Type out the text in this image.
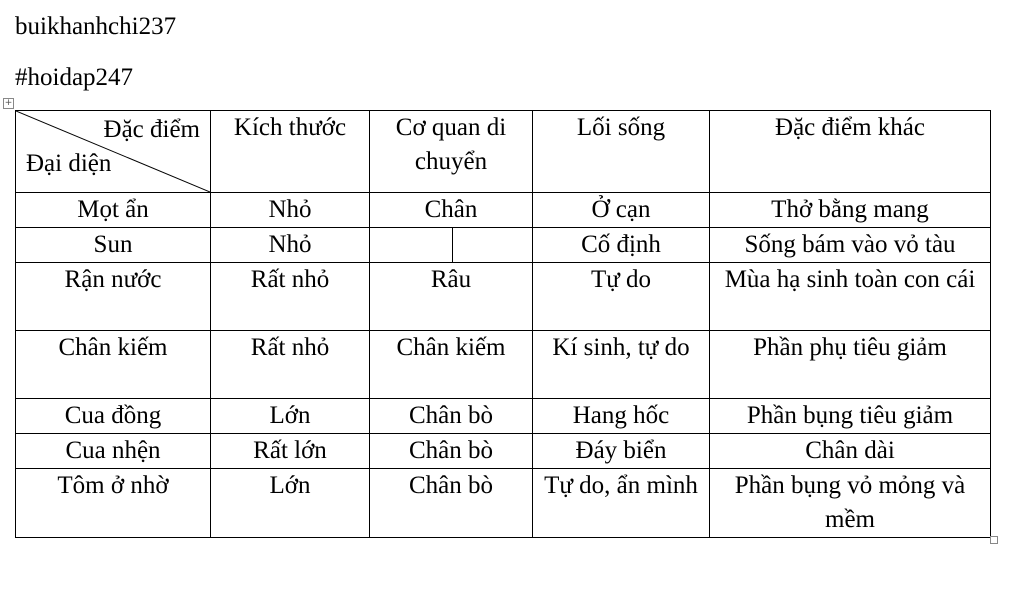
buikhanhchi237
#hoidap247
+
Đặc điểm
Đại diện	Kích thước	Cơ quan di chuyển	Lối sống	Đặc điểm khác
Mọt ẩn	Nhỏ	Chân	Ở cạn	Thở bằng mang
Sun	Nhỏ		Cố định	Sống bám vào vỏ tàu
Rận nước	Rất nhỏ	Râu	Tự do	Mùa hạ sinh toàn con cái
Chân kiếm	Rất nhỏ	Chân kiếm	Kí sinh, tự do	Phần phụ tiêu giảm
Cua đồng	Lớn	Chân bò	Hang hốc	Phần bụng tiêu giảm
Cua nhện	Rất lớn	Chân bò	Đáy biển	Chân dài
Tôm ở nhờ	Lớn	Chân bò	Tự do, ẩn mình	Phần bụng vỏ mỏng và mềm
